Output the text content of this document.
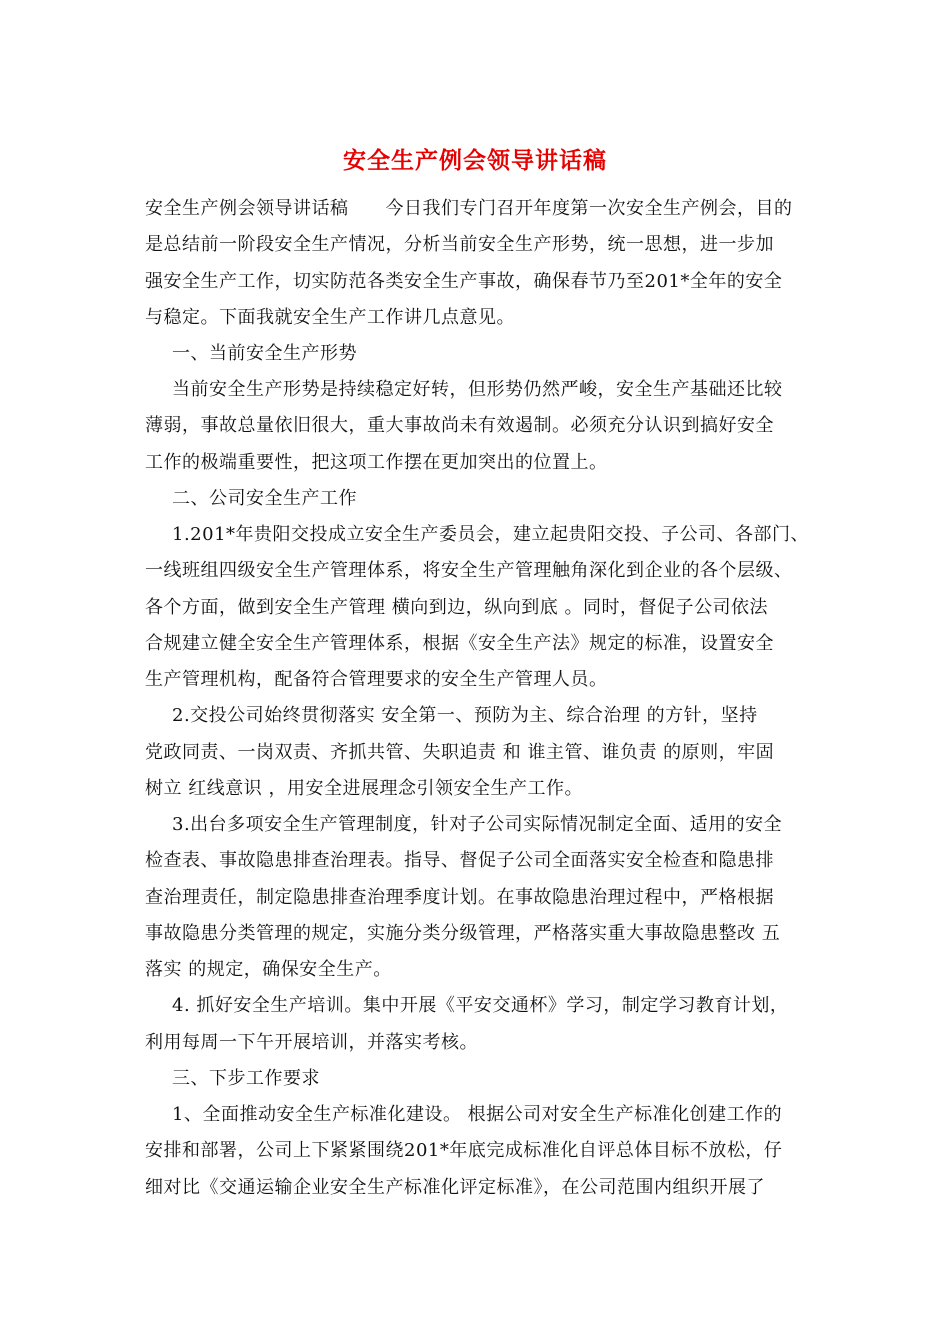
安全生产例会领导讲话稿
安全生产例会领导讲话稿　　今日我们专门召开年度第一次安全生产例会，目的
是总结前一阶段安全生产情况，分析当前安全生产形势，统一思想，进一步加
强安全生产工作，切实防范各类安全生产事故，确保春节乃至201*全年的安全
与稳定。下面我就安全生产工作讲几点意见。
一、当前安全生产形势
当前安全生产形势是持续稳定好转，但形势仍然严峻，安全生产基础还比较
薄弱，事故总量依旧很大，重大事故尚未有效遏制。必须充分认识到搞好安全
工作的极端重要性，把这项工作摆在更加突出的位置上。
二、公司安全生产工作
1.201*年贵阳交投成立安全生产委员会，建立起贵阳交投、子公司、各部门、
一线班组四级安全生产管理体系，将安全生产管理触角深化到企业的各个层级、
各个方面，做到安全生产管理 横向到边，纵向到底 。同时，督促子公司依法
合规建立健全安全生产管理体系，根据《安全生产法》规定的标准，设置安全
生产管理机构，配备符合管理要求的安全生产管理人员。
2.交投公司始终贯彻落实 安全第一、预防为主、综合治理 的方针，坚持
党政同责、一岗双责、齐抓共管、失职追责 和 谁主管、谁负责 的原则，牢固
树立 红线意识 ，用安全进展理念引领安全生产工作。
3.出台多项安全生产管理制度，针对子公司实际情况制定全面、适用的安全
检查表、事故隐患排查治理表。指导、督促子公司全面落实安全检查和隐患排
查治理责任，制定隐患排查治理季度计划。在事故隐患治理过程中，严格根据
事故隐患分类管理的规定，实施分类分级管理，严格落实重大事故隐患整改 五
落实 的规定，确保安全生产。
4. 抓好安全生产培训。集中开展《平安交通杯》学习，制定学习教育计划，
利用每周一下午开展培训，并落实考核。
三、下步工作要求
1、全面推动安全生产标准化建设。 根据公司对安全生产标准化创建工作的
安排和部署，公司上下紧紧围绕201*年底完成标准化自评总体目标不放松，仔
细对比《交通运输企业安全生产标准化评定标准》，在公司范围内组织开展了
